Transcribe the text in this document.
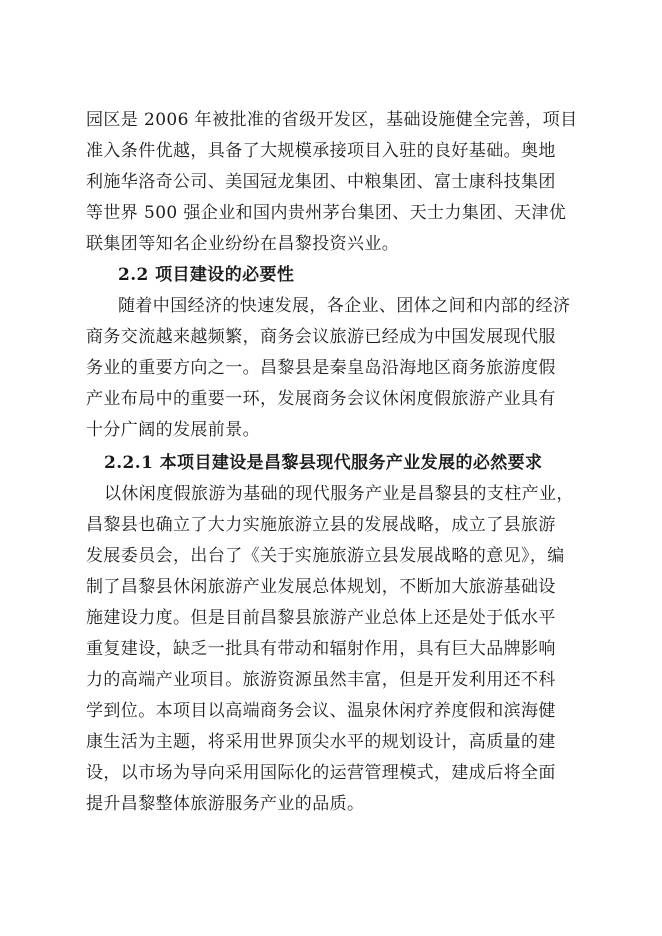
园区是 2006 年被批准的省级开发区，基础设施健全完善，项目
准入条件优越，具备了大规模承接项目入驻的良好基础。奥地
利施华洛奇公司、美国冠龙集团、中粮集团、富士康科技集团
等世界 500 强企业和国内贵州茅台集团、天士力集团、天津优
联集团等知名企业纷纷在昌黎投资兴业。
2.2 项目建设的必要性
随着中国经济的快速发展，各企业、团体之间和内部的经济
商务交流越来越频繁，商务会议旅游已经成为中国发展现代服
务业的重要方向之一。昌黎县是秦皇岛沿海地区商务旅游度假
产业布局中的重要一环，发展商务会议休闲度假旅游产业具有
十分广阔的发展前景。
2.2.1 本项目建设是昌黎县现代服务产业发展的必然要求
以休闲度假旅游为基础的现代服务产业是昌黎县的支柱产业，
昌黎县也确立了大力实施旅游立县的发展战略，成立了县旅游
发展委员会，出台了《关于实施旅游立县发展战略的意见》，编
制了昌黎县休闲旅游产业发展总体规划，不断加大旅游基础设
施建设力度。但是目前昌黎县旅游产业总体上还是处于低水平
重复建设，缺乏一批具有带动和辐射作用，具有巨大品牌影响
力的高端产业项目。旅游资源虽然丰富，但是开发利用还不科
学到位。本项目以高端商务会议、温泉休闲疗养度假和滨海健
康生活为主题，将采用世界顶尖水平的规划设计，高质量的建
设，以市场为导向采用国际化的运营管理模式，建成后将全面
提升昌黎整体旅游服务产业的品质。
